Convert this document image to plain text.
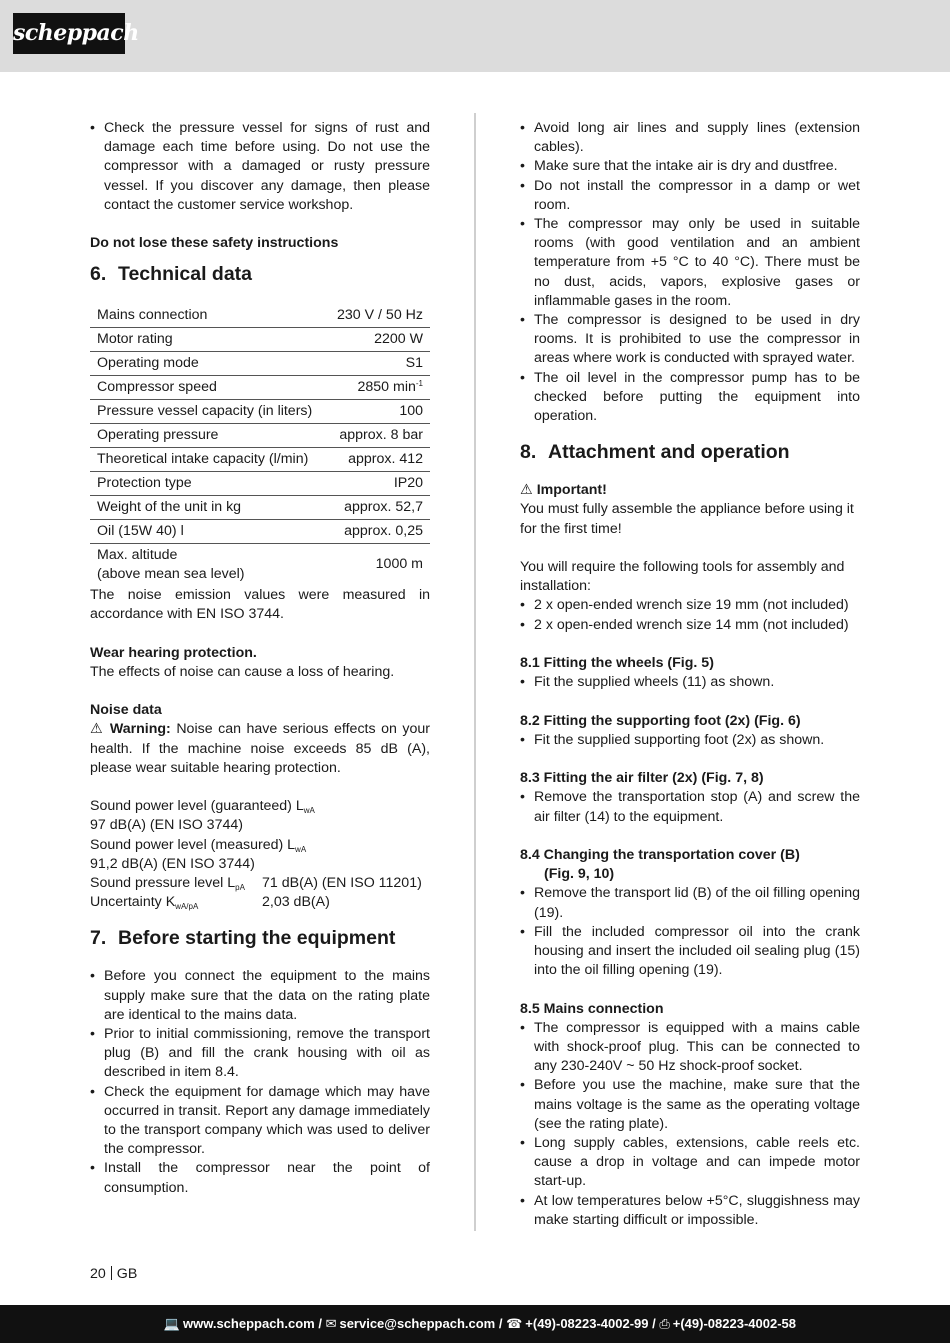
scheppach
• Check the pressure vessel for signs of rust and damage each time before using. Do not use the compressor with a damaged or rusty pressure vessel. If you discover any damage, then please contact the customer service workshop.

Do not lose these safety instructions

6. Technical data
Mains connection	230 V / 50 Hz
Motor rating	2200 W
Operating mode	S1
Compressor speed	2850 $\min^{-1}$
Pressure vessel capacity (in liters)	100
Operating pressure	approx. 8 bar
Theoretical intake capacity (l/min)	approx. 412
Protection type	IP20
Weight of the unit in kg	approx. 52,7
Oil (15W 40) l	approx. 0,25

Max. altitude
(above mean sea level)	1000 m

The noise emission values were measured in accordance with EN ISO 3744.

Wear hearing protection.

The effects of noise can cause a loss of hearing.

Noise data

⚠ Warning: Noise can have serious effects on your health. If the machine noise exceeds 85 dB (A), please wear suitable hearing protection.

Sound power level (guaranteed) $L_{wA}$

97 dB(A) (EN ISO 3744)

Sound power level (measured) $L_{wA}$

91,2 dB(A) (EN ISO 3744)

Sound pressure level $L_{pA}$	71 dB(A) (EN ISO 11201)
Uncertainty $K_{wA/pA}$	2,03 dB(A)
7. Before starting the equipment
• Before you connect the equipment to the mains supply make sure that the data on the rating plate are identical to the mains data.
• Prior to initial commissioning, remove the transport plug (B) and fill the crank housing with oil as described in item 8.4.
• Check the equipment for damage which may have occurred in transit. Report any damage immediately to the transport company which was used to deliver the compressor.
• Install the compressor near the point of consumption.
• Avoid long air lines and supply lines (extension cables).
• Make sure that the intake air is dry and dustfree.
• Do not install the compressor in a damp or wet room.
• The compressor may only be used in suitable rooms (with good ventilation and an ambient temperature from +5 °C to 40 °C). There must be no dust, acids, vapors, explosive gases or inflammable gases in the room.
• The compressor is designed to be used in dry rooms. It is prohibited to use the compressor in areas where work is conducted with sprayed water.
• The oil level in the compressor pump has to be checked before putting the equipment into operation.
8. Attachment and operation

⚠ Important!

You must fully assemble the appliance before using it for the first time!

You will require the following tools for assembly and installation:

• 2 x open-ended wrench size 19 mm (not included)
• 2 x open-ended wrench size 14 mm (not included)

8.1 Fitting the wheels (Fig. 5)

• Fit the supplied wheels (11) as shown.

8.2 Fitting the supporting foot (2x) (Fig. 6)

• Fit the supplied supporting foot (2x) as shown.

8.3 Fitting the air filter (2x) (Fig. 7, 8)

• Remove the transportation stop (A) and screw the air filter (14) to the equipment.

8.4 Changing the transportation cover (B)

(Fig. 9, 10)

• Remove the transport lid (B) of the oil filling opening (19).
• Fill the included compressor oil into the crank housing and insert the included oil sealing plug (15) into the oil filling opening (19).

8.5 Mains connection

• The compressor is equipped with a mains cable with shock-proof plug. This can be connected to any 230-240V ~ 50 Hz shock-proof socket.
• Before you use the machine, make sure that the mains voltage is the same as the operating voltage (see the rating plate).
• Long supply cables, extensions, cable reels etc. cause a drop in voltage and can impede motor start-up.
• At low temperatures below +5°C, sluggishness may make starting difficult or impossible.
20 GB
💻 www.scheppach.com / ✉ service@scheppach.com / ☎ +(49)-08223-4002-99 / ⎙ +(49)-08223-4002-58
